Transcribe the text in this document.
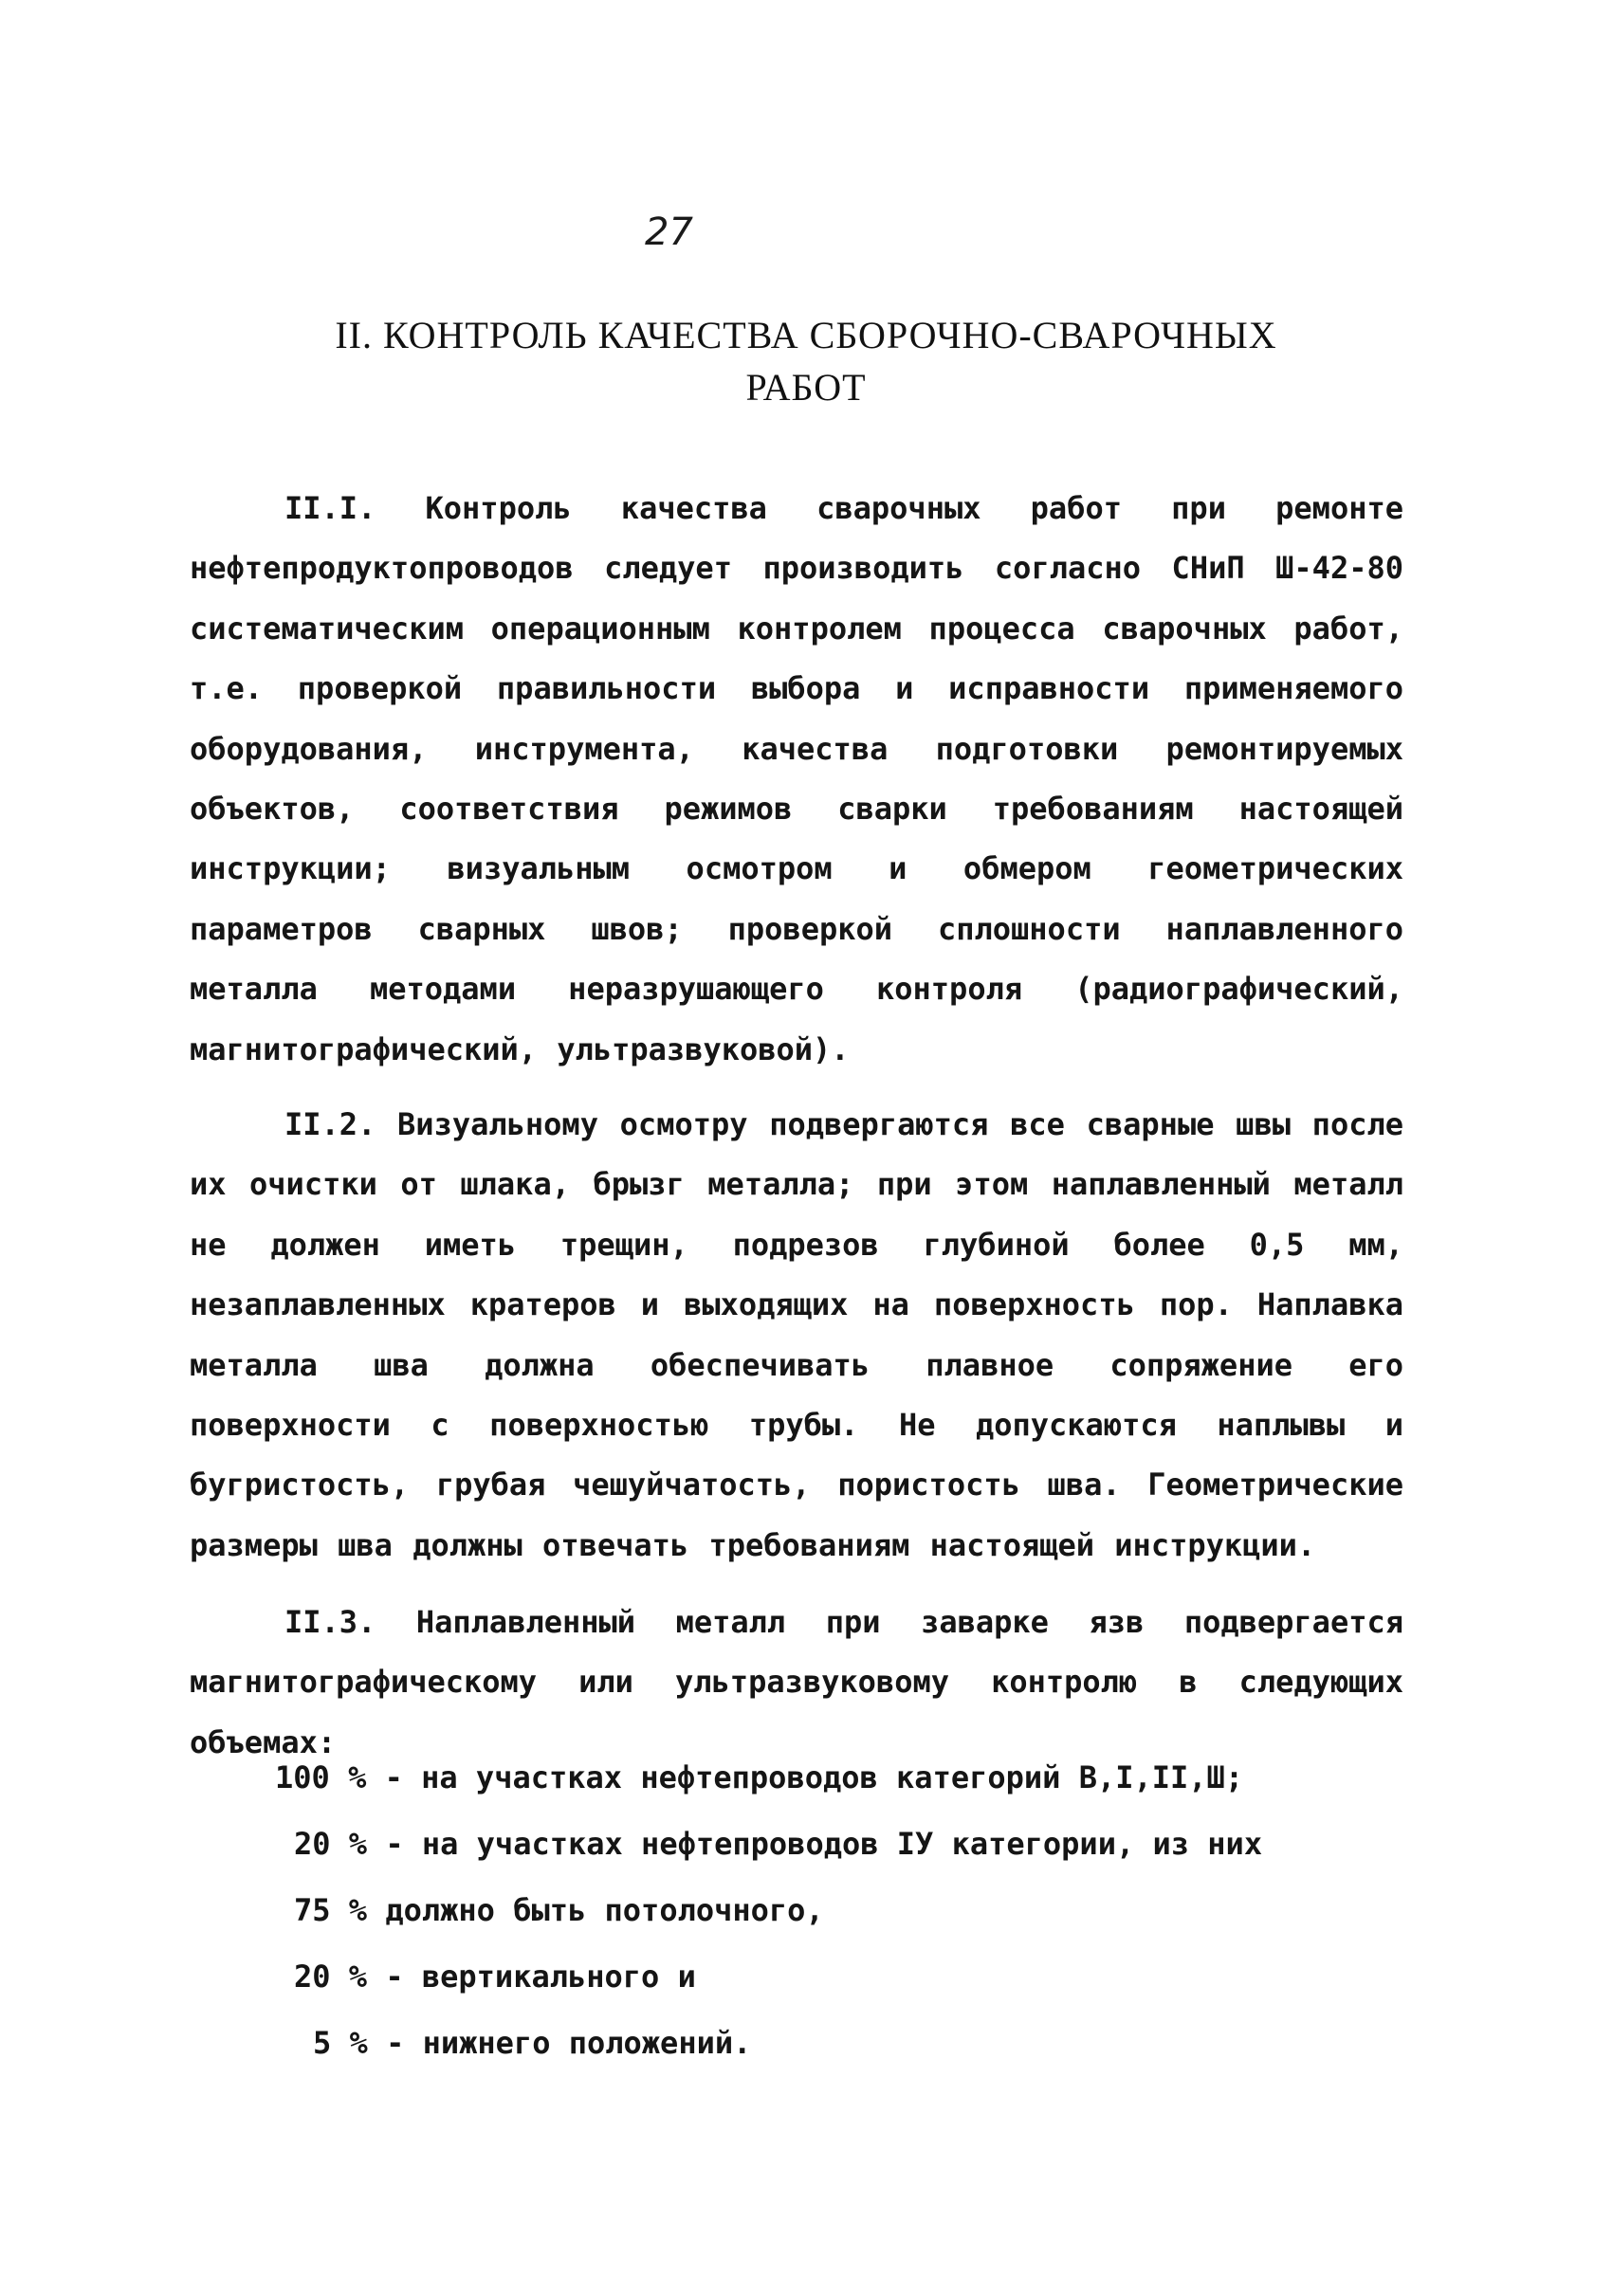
27
II. КОНТРОЛЬ КАЧЕСТВА СБОРОЧНО-СВАРОЧНЫХ
РАБОТ

II.I. Контроль качества сварочных работ при ремонте нефтепродуктопроводов следует производить согласно СНиП Ш-42-80 систематическим операционным контролем процесса сварочных работ, т.е. проверкой правильности выбора и исправности применяемого оборудования, инструмента, качества подготовки ремонтируемых объектов, соответствия режимов сварки требованиям настоящей инструкции; визуальным осмотром и обмером геометрических параметров сварных швов; проверкой сплошности наплавленного металла методами неразрушающего контроля (радиографический, магнитографический, ультразвуковой).

II.2. Визуальному осмотру подвергаются все сварные швы после их очистки от шлака, брызг металла; при этом наплавленный металл не должен иметь трещин, подрезов глубиной более 0,5 мм, незаплавленных кратеров и выходящих на поверхность пор. Наплавка металла шва должна обеспечивать плавное сопряжение его поверхности с поверхностью трубы. Не допускаются наплывы и бугристость, грубая чешуйчатость, пористость шва. Геометрические размеры шва должны отвечать требованиям настоящей инструкции.

II.3. Наплавленный металл при заварке язв подвергается магнитографическому или ультразвуковому контролю в следующих объемах:

100 % - на участках нефтепроводов категорий В,I,II,Ш;
20 % - на участках нефтепроводов IУ категории, из них
75 % должно быть потолочного,
20 % - вертикального и
5 % - нижнего положений.
